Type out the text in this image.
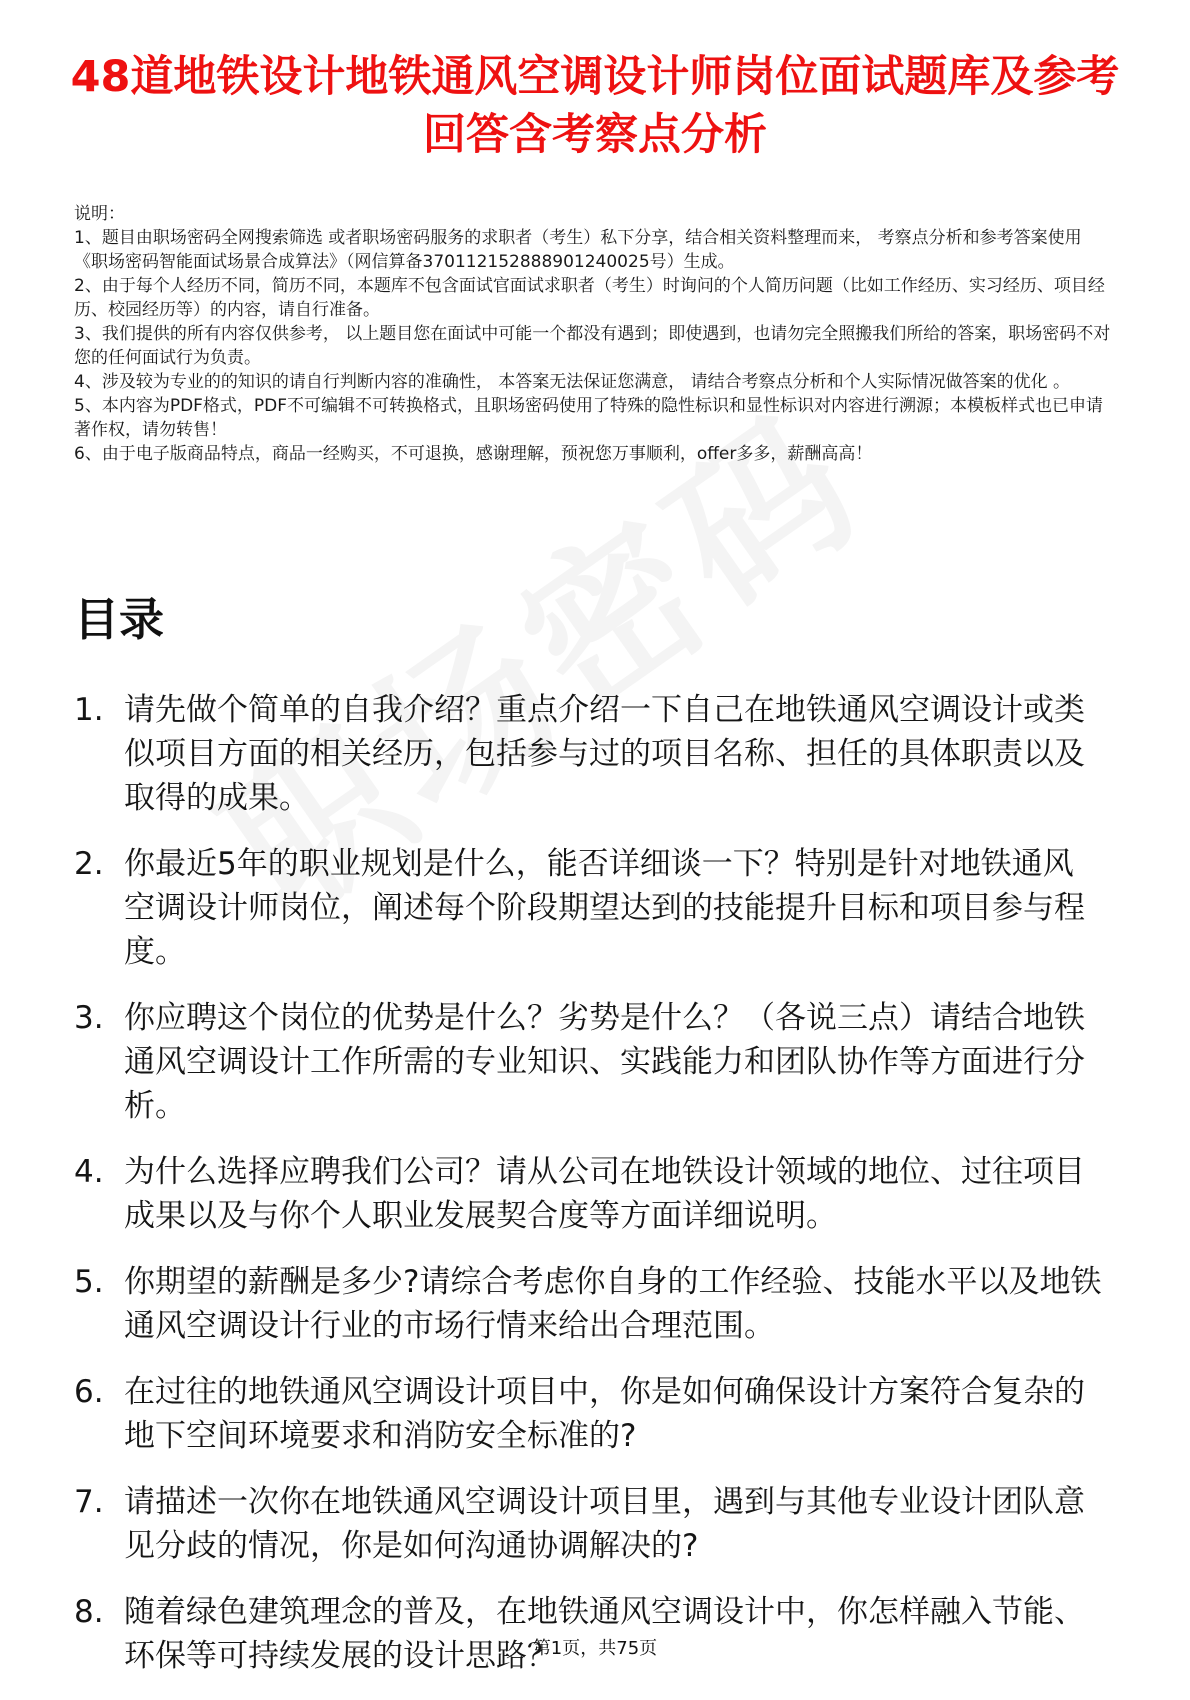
48道地铁设计地铁通风空调设计师岗位面试题库及参考回答含考察点分析
说明：
1、题目由职场密码全网搜索筛选 或者职场密码服务的求职者（考生）私下分享，结合相关资料整理而来， 考察点分析和参考答案使用《职场密码智能面试场景合成算法》（网信算备370112152888901240025号）生成。
2、由于每个人经历不同，简历不同，本题库不包含面试官面试求职者（考生）时询问的个人简历问题（比如工作经历、实习经历、项目经历、校园经历等）的内容，请自行准备。
3、我们提供的所有内容仅供参考， 以上题目您在面试中可能一个都没有遇到；即使遇到，也请勿完全照搬我们所给的答案，职场密码不对您的任何面试行为负责。
4、涉及较为专业的的知识的请自行判断内容的准确性， 本答案无法保证您满意， 请结合考察点分析和个人实际情况做答案的优化 。
5、本内容为PDF格式，PDF不可编辑不可转换格式，且职场密码使用了特殊的隐性标识和显性标识对内容进行溯源；本模板样式也已申请著作权，请勿转售！
6、由于电子版商品特点，商品一经购买，不可退换，感谢理解，预祝您万事顺利，offer多多，薪酬高高！
目录
1. 请先做个简单的自我介绍？重点介绍一下自己在地铁通风空调设计或类似项目方面的相关经历，包括参与过的项目名称、担任的具体职责以及取得的成果。
2. 你最近5年的职业规划是什么，能否详细谈一下？特别是针对地铁通风空调设计师岗位，阐述每个阶段期望达到的技能提升目标和项目参与程度。
3. 你应聘这个岗位的优势是什么？劣势是什么？（各说三点）请结合地铁通风空调设计工作所需的专业知识、实践能力和团队协作等方面进行分析。
4. 为什么选择应聘我们公司？请从公司在地铁设计领域的地位、过往项目成果以及与你个人职业发展契合度等方面详细说明。
5. 你期望的薪酬是多少?请综合考虑你自身的工作经验、技能水平以及地铁通风空调设计行业的市场行情来给出合理范围。
6. 在过往的地铁通风空调设计项目中，你是如何确保设计方案符合复杂的地下空间环境要求和消防安全标准的?
7. 请描述一次你在地铁通风空调设计项目里，遇到与其他专业设计团队意见分歧的情况，你是如何沟通协调解决的?
8. 随着绿色建筑理念的普及，在地铁通风空调设计中，你怎样融入节能、环保等可持续发展的设计思路？
第1页，共75页
